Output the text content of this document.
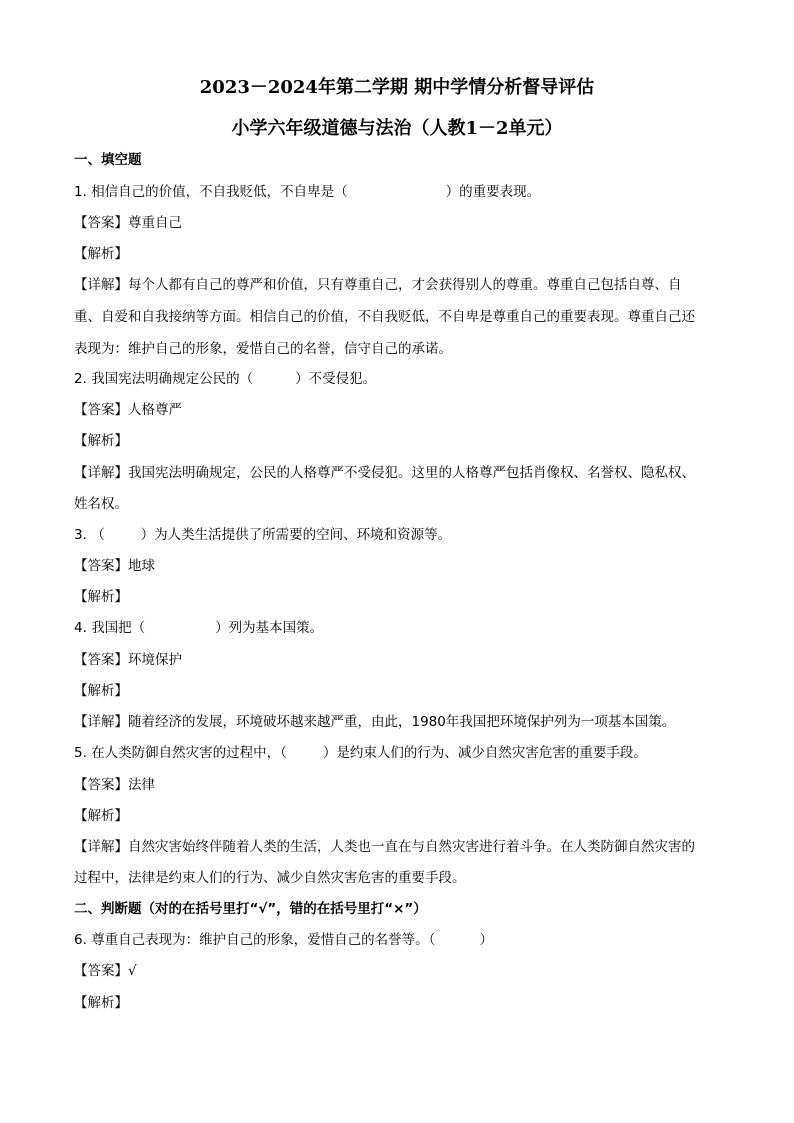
2023－2024年第二学期 期中学情分析督导评估
小学六年级道德与法治（人教1－2单元）
一、填空题
1. 相信自己的价值，不自我贬低，不自卑是（	）的重要表现。
【答案】尊重自己
【解析】
【详解】每个人都有自己的尊严和价值，只有尊重自己，才会获得别人的尊重。尊重自己包括自尊、自
重、自爱和自我接纳等方面。相信自己的价值，不自我贬低，不自卑是尊重自己的重要表现。尊重自己还
表现为：维护自己的形象，爱惜自己的名誉，信守自己的承诺。
2. 我国宪法明确规定公民的（	）不受侵犯。
【答案】人格尊严
【解析】
【详解】我国宪法明确规定，公民的人格尊严不受侵犯。这里的人格尊严包括肖像权、名誉权、隐私权、
姓名权。
3. （	）为人类生活提供了所需要的空间、环境和资源等。
【答案】地球
【解析】
4. 我国把（	）列为基本国策。
【答案】环境保护
【解析】
【详解】随着经济的发展，环境破坏越来越严重，由此，1980年我国把环境保护列为一项基本国策。
5. 在人类防御自然灾害的过程中，（	）是约束人们的行为、减少自然灾害危害的重要手段。
【答案】法律
【解析】
【详解】自然灾害始终伴随着人类的生活，人类也一直在与自然灾害进行着斗争。在人类防御自然灾害的
过程中，法律是约束人们的行为、减少自然灾害危害的重要手段。
二、判断题（对的在括号里打“√”，错的在括号里打“×”）
6. 尊重自己表现为：维护自己的形象，爱惜自己的名誉等。（	）
【答案】√
【解析】
